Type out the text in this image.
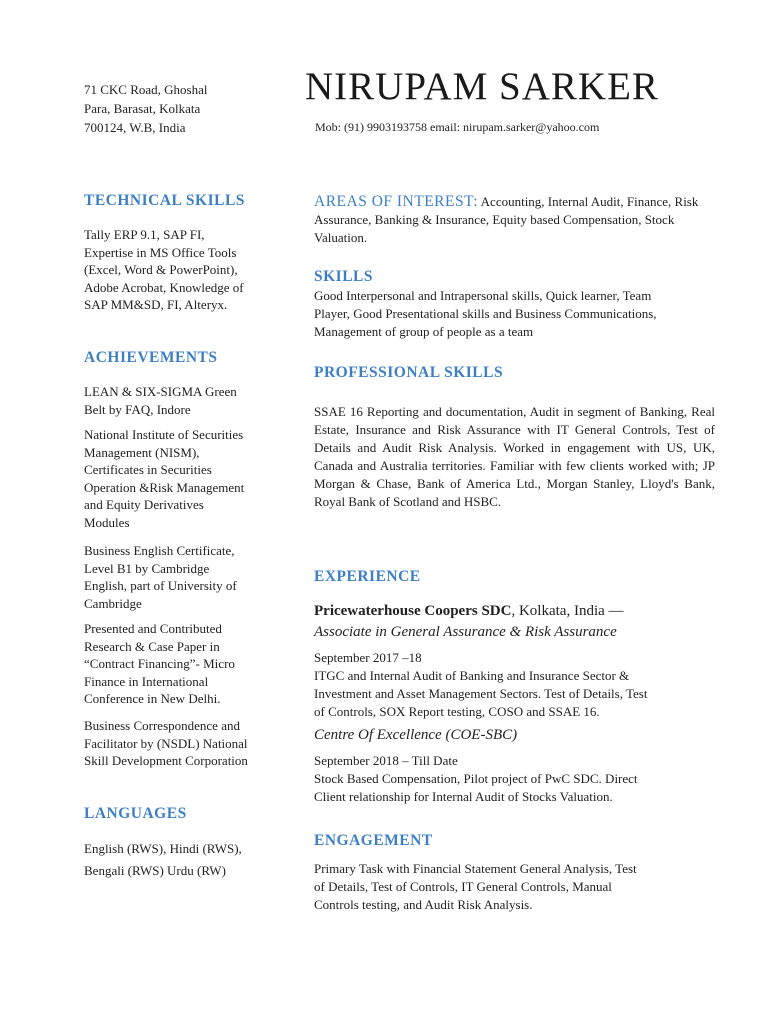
71 CKC Road, Ghoshal
Para, Barasat, Kolkata
700124, W.B, India
NIRUPAM SARKER
Mob: (91) 9903193758 email: nirupam.sarker@yahoo.com
TECHNICAL SKILLS

Tally ERP 9.1, SAP FI,

Expertise in MS Office Tools

(Excel, Word & PowerPoint),

Adobe Acrobat, Knowledge of

SAP MM&SD, FI, Alteryx.

ACHIEVEMENTS

LEAN & SIX-SIGMA Green

Belt by FAQ, Indore

National Institute of Securities

Management (NISM),

Certificates in Securities

Operation &Risk Management

and Equity Derivatives

Modules

Business English Certificate,

Level B1 by Cambridge

English, part of University of

Cambridge

Presented and Contributed

Research & Case Paper in

“Contract Financing”- Micro

Finance in International

Conference in New Delhi.

Business Correspondence and

Facilitator by (NSDL) National

Skill Development Corporation

LANGUAGES

English (RWS), Hindi (RWS),

Bengali (RWS) Urdu (RW)

AREAS OF INTEREST: Accounting, Internal Audit, Finance, Risk Assurance, Banking & Insurance, Equity based Compensation, Stock Valuation.

SKILLS

Good Interpersonal and Intrapersonal skills, Quick learner, Team

Player, Good Presentational skills and Business Communications,

Management of group of people as a team

PROFESSIONAL SKILLS

SSAE 16 Reporting and documentation, Audit in segment of Banking, Real Estate, Insurance and Risk Assurance with IT General Controls, Test of Details and Audit Risk Analysis. Worked in engagement with US, UK, Canada and Australia territories. Familiar with few clients worked with; JP Morgan & Chase, Bank of America Ltd., Morgan Stanley, Lloyd's Bank, Royal Bank of Scotland and HSBC.

EXPERIENCE

Pricewaterhouse Coopers SDC, Kolkata, India —

Associate in General Assurance & Risk Assurance

September 2017 –18

ITGC and Internal Audit of Banking and Insurance Sector &

Investment and Asset Management Sectors. Test of Details, Test

of Controls, SOX Report testing, COSO and SSAE 16.

Centre Of Excellence (COE-SBC)

September 2018 – Till Date

Stock Based Compensation, Pilot project of PwC SDC. Direct

Client relationship for Internal Audit of Stocks Valuation.

ENGAGEMENT

Primary Task with Financial Statement General Analysis, Test

of Details, Test of Controls, IT General Controls, Manual

Controls testing, and Audit Risk Analysis.
